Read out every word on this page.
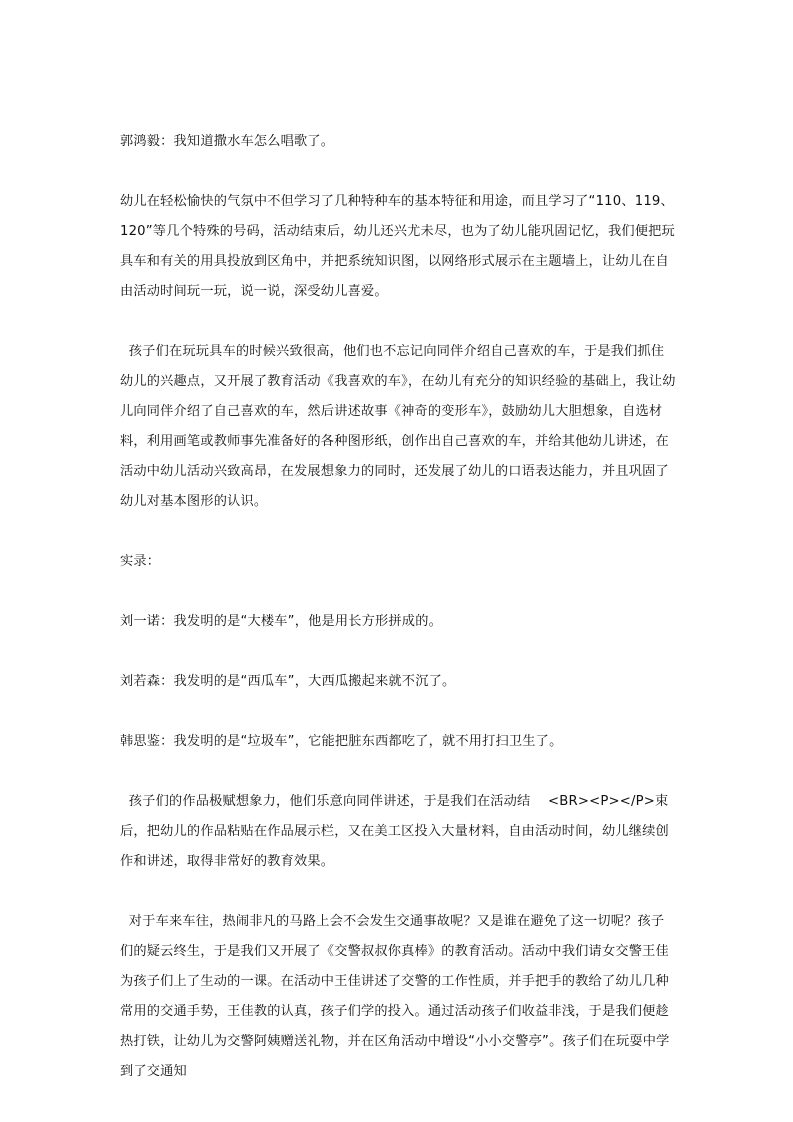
郭鸿毅：我知道撒水车怎么唱歌了。

幼儿在轻松愉快的气氛中不但学习了几种特种车的基本特征和用途，而且学习了“110、119、120”等几个特殊的号码，活动结束后，幼儿还兴尤未尽，也为了幼儿能巩固记忆，我们便把玩具车和有关的用具投放到区角中，并把系统知识图，以网络形式展示在主题墙上，让幼儿在自由活动时间玩一玩，说一说，深受幼儿喜爱。

孩子们在玩玩具车的时候兴致很高，他们也不忘记向同伴介绍自己喜欢的车，于是我们抓住幼儿的兴趣点，又开展了教育活动《我喜欢的车》，在幼儿有充分的知识经验的基础上，我让幼儿向同伴介绍了自己喜欢的车，然后讲述故事《神奇的变形车》，鼓励幼儿大胆想象，自选材料，利用画笔或教师事先准备好的各种图形纸，创作出自己喜欢的车，并给其他幼儿讲述，在活动中幼儿活动兴致高昂，在发展想象力的同时，还发展了幼儿的口语表达能力，并且巩固了幼儿对基本图形的认识。

实录：

刘一诺：我发明的是“大楼车”，他是用长方形拼成的。

刘若森：我发明的是“西瓜车”，大西瓜搬起来就不沉了。

韩思鉴：我发明的是“垃圾车”，它能把脏东西都吃了，就不用打扫卫生了。

孩子们的作品极赋想象力，他们乐意向同伴讲述，于是我们在活动结    <BR><P></P>束后，把幼儿的作品粘贴在作品展示栏，又在美工区投入大量材料，自由活动时间，幼儿继续创作和讲述，取得非常好的教育效果。

对于车来车往，热闹非凡的马路上会不会发生交通事故呢？又是谁在避免了这一切呢？孩子们的疑云终生，于是我们又开展了《交警叔叔你真棒》的教育活动。活动中我们请女交警王佳为孩子们上了生动的一课。在活动中王佳讲述了交警的工作性质，并手把手的教给了幼儿几种常用的交通手势，王佳教的认真，孩子们学的投入。通过活动孩子们收益非浅，于是我们便趁热打铁，让幼儿为交警阿姨赠送礼物，并在区角活动中增设“小小交警亭”。孩子们在玩耍中学到了交通知
